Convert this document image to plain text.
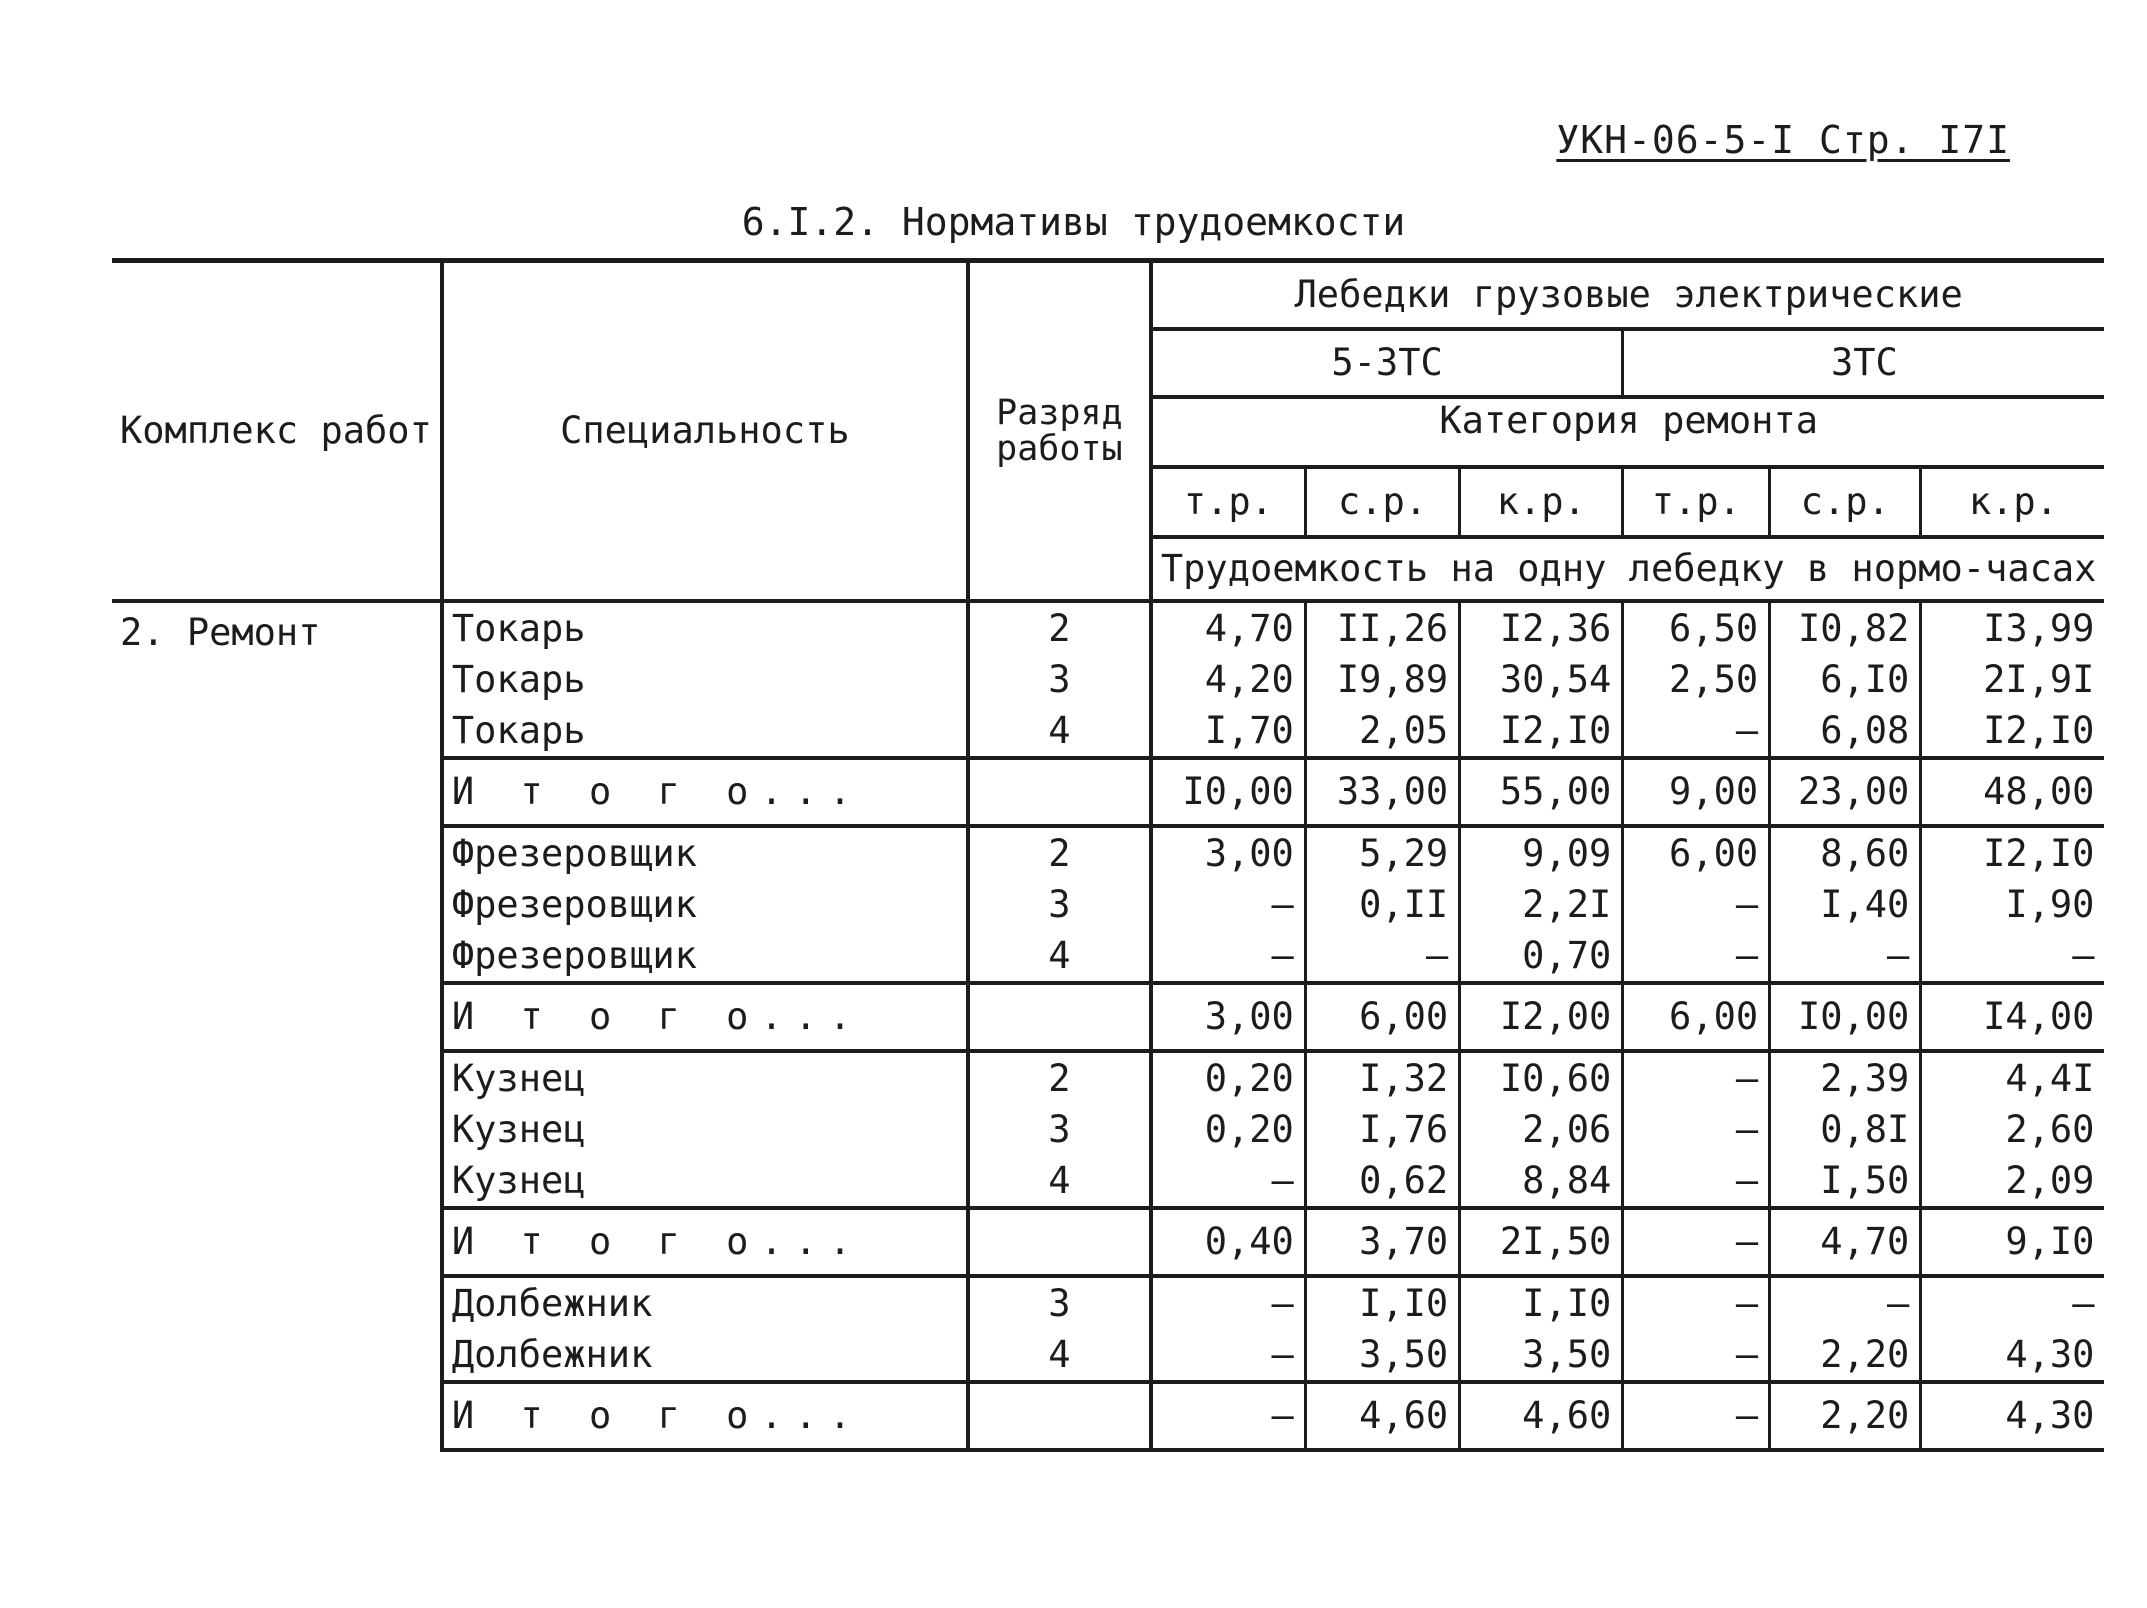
УКН-06-5-I Стр. I7I
6.I.2. Нормативы трудоемкости
Комплекс работ	Специальность	Разряд
работы	Лебедки грузовые электрические					
			5-3ТС			3ТС		
			Категория ремонта					
			т.р.	с.р.	к.р.	т.р.	с.р.	к.р.
			Трудоемкость на одну лебедку в нормо-часах					
2. Ремонт	Токарь	2	4,70	II,26	I2,36	6,50	I0,82	I3,99
	Токарь	3	4,20	I9,89	30,54	2,50	6,I0	2I,9I
	Токарь	4	I,70	2,05	I2,I0	–	6,08	I2,I0
	И т о г о...		I0,00	33,00	55,00	9,00	23,00	48,00
	Фрезеровщик	2	3,00	5,29	9,09	6,00	8,60	I2,I0
	Фрезеровщик	3	–	0,II	2,2I	–	I,40	I,90
	Фрезеровщик	4	–	–	0,70	–	–	–
	И т о г о...		3,00	6,00	I2,00	6,00	I0,00	I4,00
	Кузнец	2	0,20	I,32	I0,60	–	2,39	4,4I
	Кузнец	3	0,20	I,76	2,06	–	0,8I	2,60
	Кузнец	4	–	0,62	8,84	–	I,50	2,09
	И т о г о...		0,40	3,70	2I,50	–	4,70	9,I0
	Долбежник	3	–	I,I0	I,I0	–	–	–
	Долбежник	4	–	3,50	3,50	–	2,20	4,30
	И т о г о...		–	4,60	4,60	–	2,20	4,30
